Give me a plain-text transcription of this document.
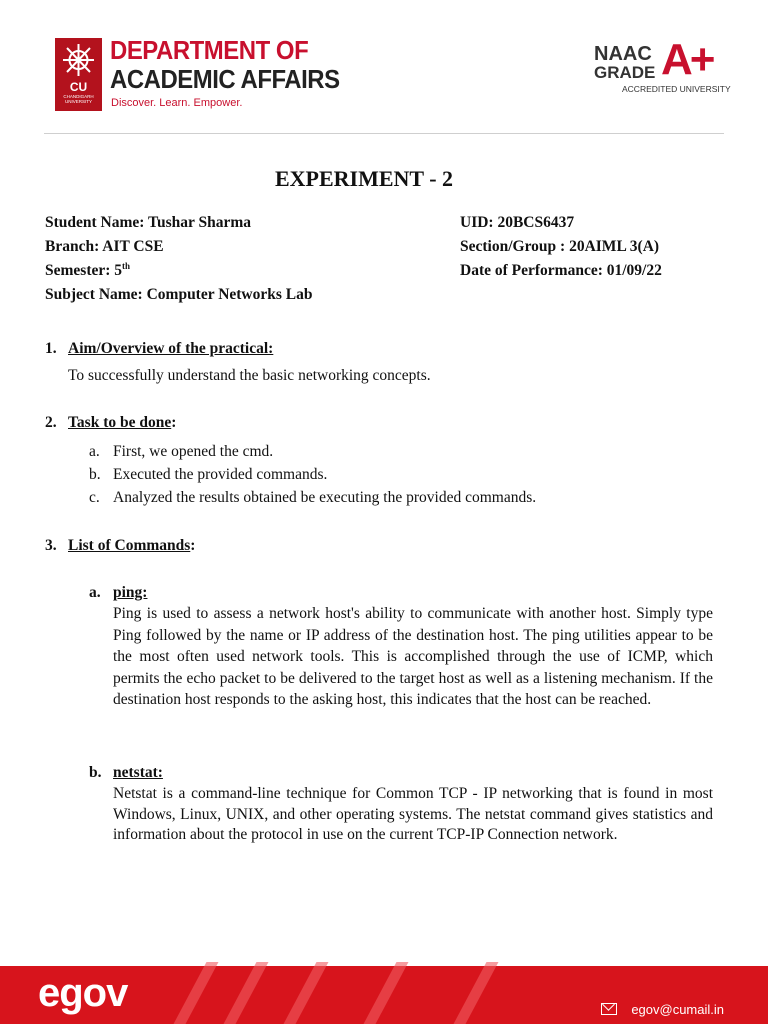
CU
CHANDIGARH UNIVERSITY
DEPARTMENT OF
ACADEMIC AFFAIRS
Discover. Learn. Empower.
NAAC
GRADE A+
ACCREDITED UNIVERSITY
EXPERIMENT - 2
Student Name: Tushar Sharma	UID: 20BCS6437
Branch: AIT CSE	Section/Group : 20AIML 3(A)
Semester: 5th	Date of Performance: 01/09/22
Subject Name: Computer Networks Lab
1. Aim/Overview of the practical:
To successfully understand the basic networking concepts.
2. Task to be done:
a. First, we opened the cmd.
b. Executed the provided commands.
c. Analyzed the results obtained be executing the provided commands.
3. List of Commands:
a. ping:
Ping is used to assess a network host's ability to communicate with another host. Simply type Ping followed by the name or IP address of the destination host. The ping utilities appear to be the most often used network tools. This is accomplished through the use of ICMP, which permits the echo packet to be delivered to the target host as well as a listening mechanism. If the destination host responds to the asking host, this indicates that the host can be reached.
b. netstat:
Netstat is a command-line technique for Common TCP - IP networking that is found in most Windows, Linux, UNIX, and other operating systems. The netstat command gives statistics and information about the protocol in use on the current TCP-IP Connection network.
egov	egov@cumail.in
